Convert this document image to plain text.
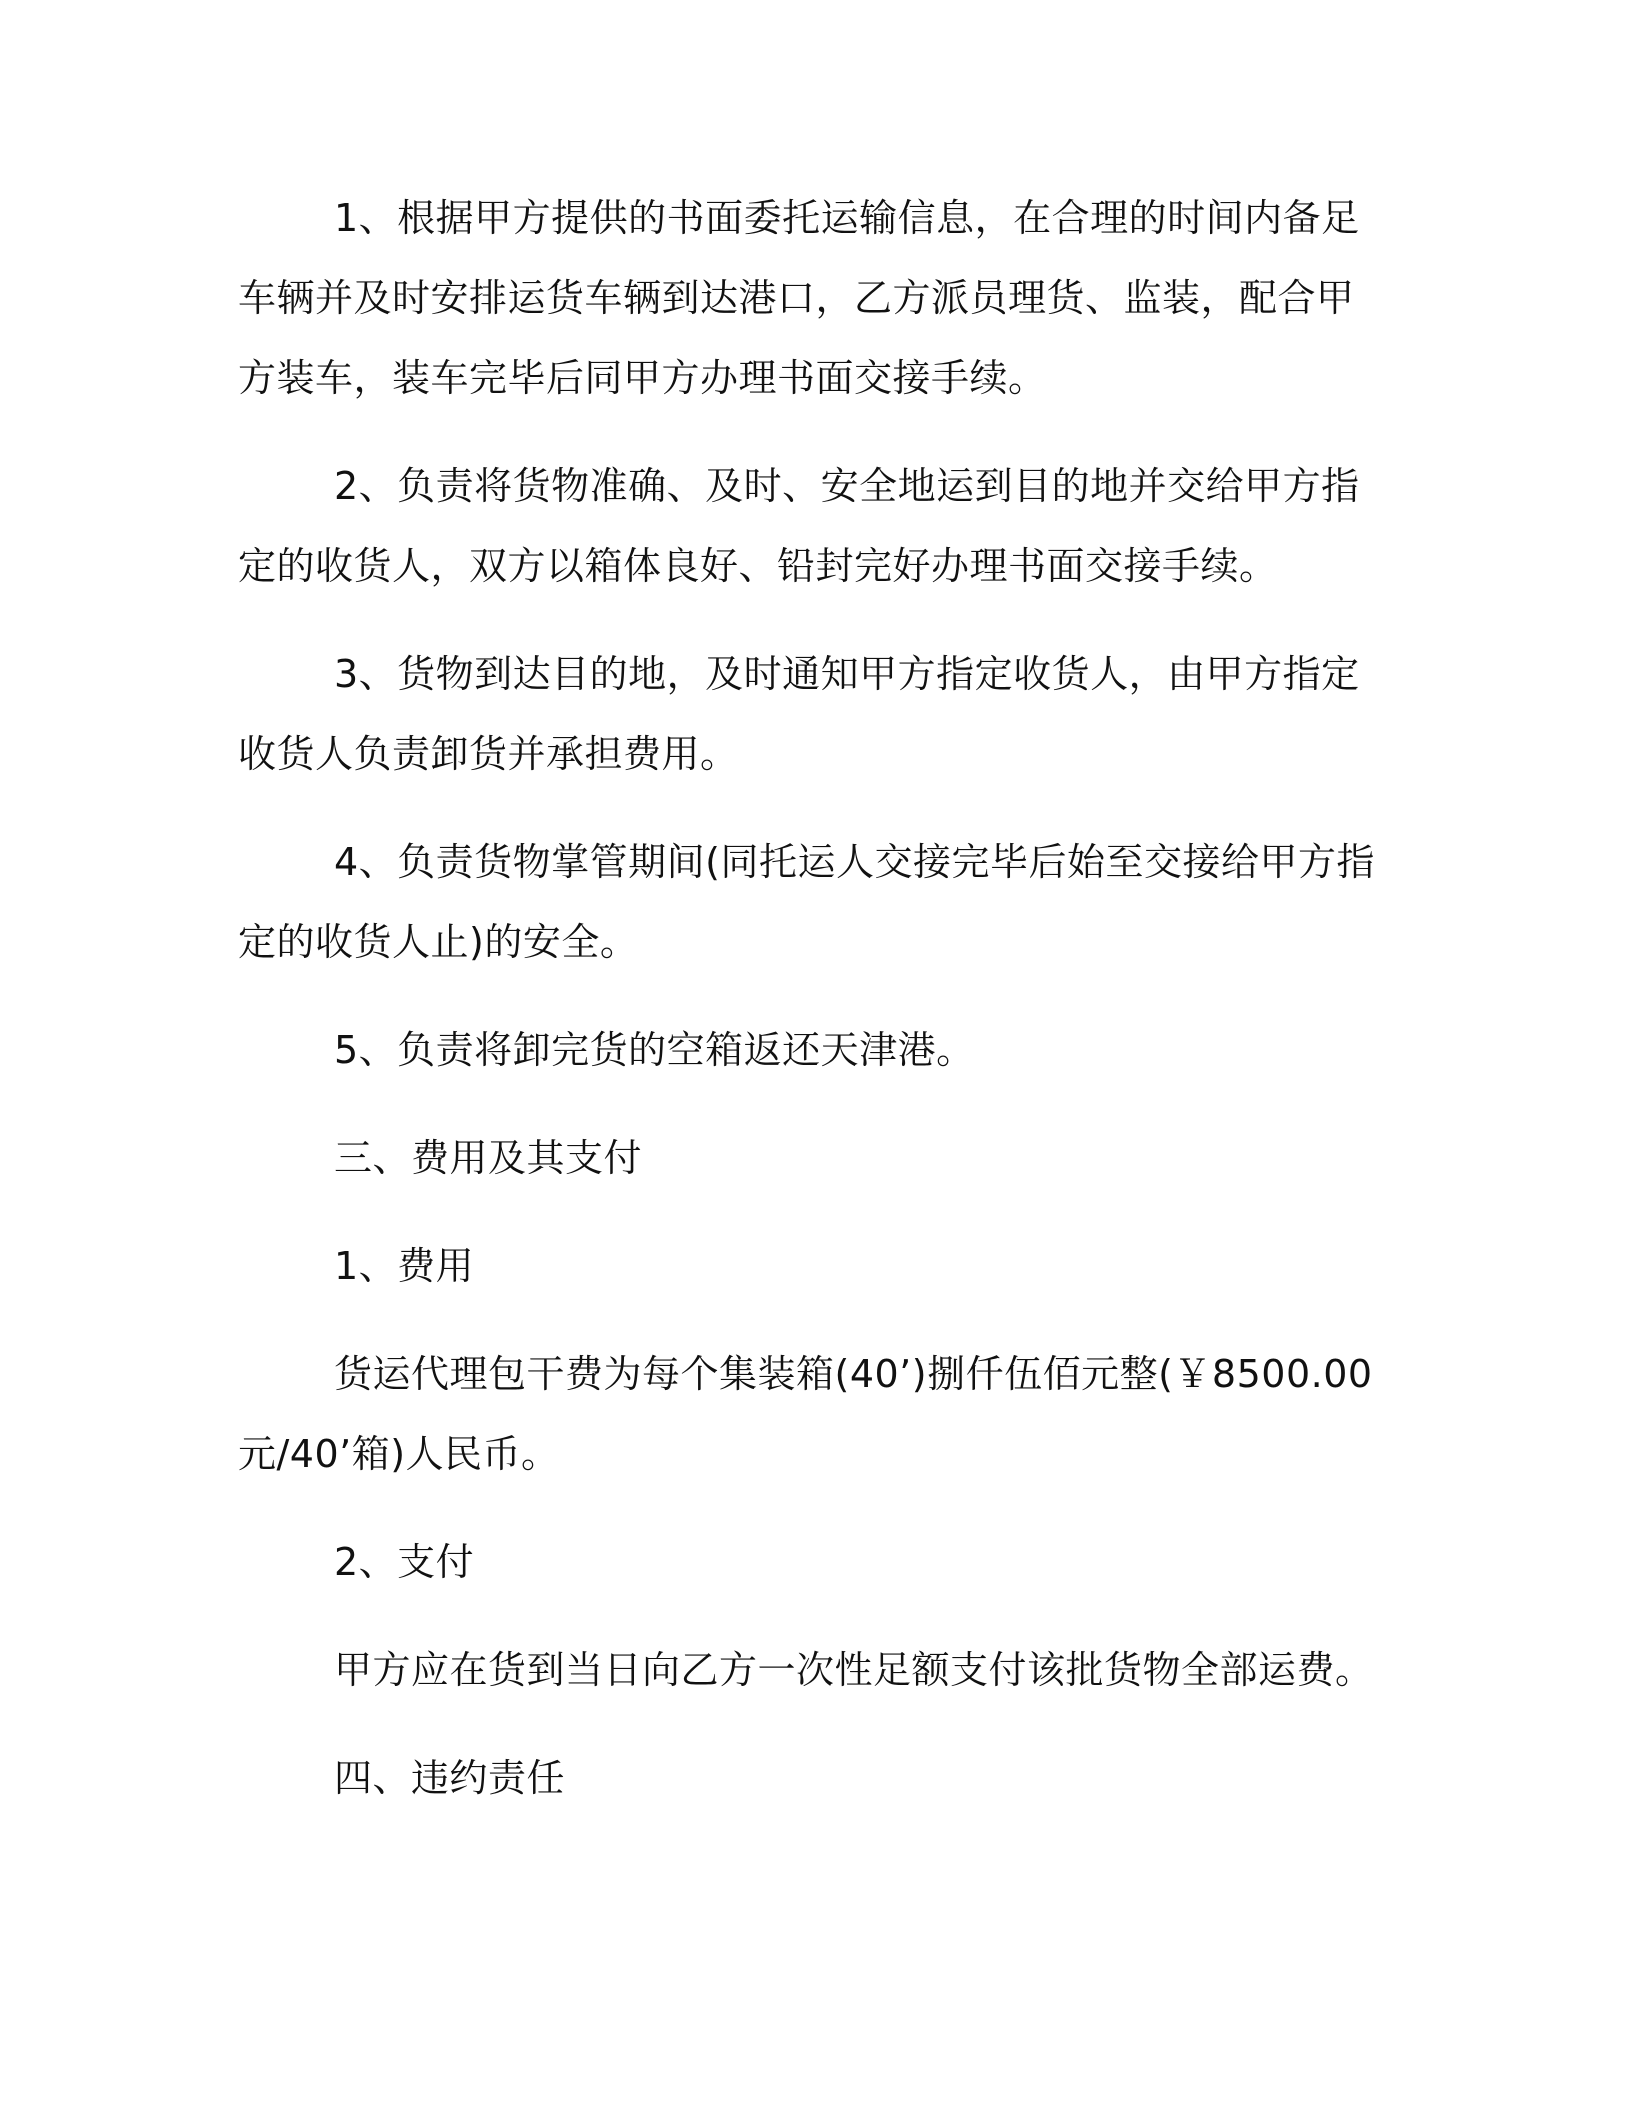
1、根据甲方提供的书面委托运输信息，在合理的时间内备足车辆并及时安排运货车辆到达港口，乙方派员理货、监装，配合甲方装车，装车完毕后同甲方办理书面交接手续。

2、负责将货物准确、及时、安全地运到目的地并交给甲方指定的收货人，双方以箱体良好、铅封完好办理书面交接手续。

3、货物到达目的地，及时通知甲方指定收货人，由甲方指定收货人负责卸货并承担费用。

4、负责货物掌管期间(同托运人交接完毕后始至交接给甲方指定的收货人止)的安全。

5、负责将卸完货的空箱返还天津港。

三、费用及其支付

1、费用

货运代理包干费为每个集装箱(40’)捌仟伍佰元整(￥8500.00 元/40’箱)人民币。

2、支付

甲方应在货到当日向乙方一次性足额支付该批货物全部运费。

四、违约责任
